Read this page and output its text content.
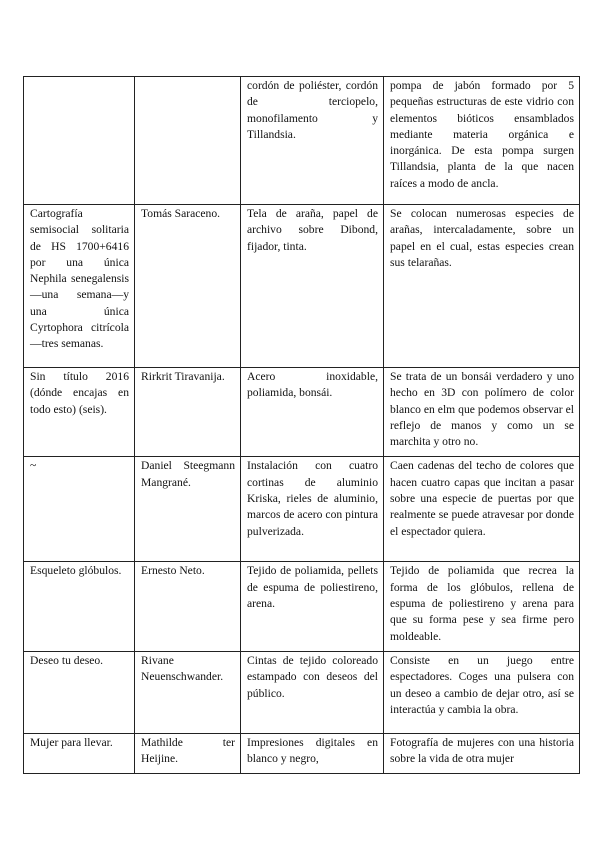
		cordón de poliéster, cordón de terciopelo, monofilamento y Tillandsia.	pompa de jabón formado por 5 pequeñas estructuras de este vidrio con elementos bióticos ensamblados mediante materia orgánica e inorgánica. De esta pompa surgen Tillandsia, planta de la que nacen raíces a modo de ancla.
Cartografía semisocial solitaria de HS 1700+6416 por una única Nephila senegalensis—una semana—y una única Cyrtophora citrícola—tres semanas.	Tomás Saraceno.	Tela de araña, papel de archivo sobre Dibond, fijador, tinta.	Se colocan numerosas especies de arañas, intercaladamente, sobre un papel en el cual, estas especies crean sus telarañas.
Sin título 2016 (dónde encajas en todo esto) (seis).	Rirkrit Tiravanija.	Acero inoxidable, poliamida, bonsái.	Se trata de un bonsái verdadero y uno hecho en 3D con polímero de color blanco en elm que podemos observar el reflejo de manos y como un se marchita y otro no.
~	Daniel Steegmann Mangrané.	Instalación con cuatro cortinas de aluminio Kriska, rieles de aluminio, marcos de acero con pintura pulverizada.	Caen cadenas del techo de colores que hacen cuatro capas que incitan a pasar sobre una especie de puertas por que realmente se puede atravesar por donde el espectador quiera.
Esqueleto glóbulos.	Ernesto Neto.	Tejido de poliamida, pellets de espuma de poliestireno, arena.	Tejido de poliamida que recrea la forma de los glóbulos, rellena de espuma de poliestireno y arena para que su forma pese y sea firme pero moldeable.
Deseo tu deseo.	Rivane Neuenschwander.	Cintas de tejido coloreado estampado con deseos del público.	Consiste en un juego entre espectadores. Coges una pulsera con un deseo a cambio de dejar otro, así se interactúa y cambia la obra.
Mujer para llevar.	Mathilde ter Heijine.	Impresiones digitales en blanco y negro,	Fotografía de mujeres con una historia sobre la vida de otra mujer
